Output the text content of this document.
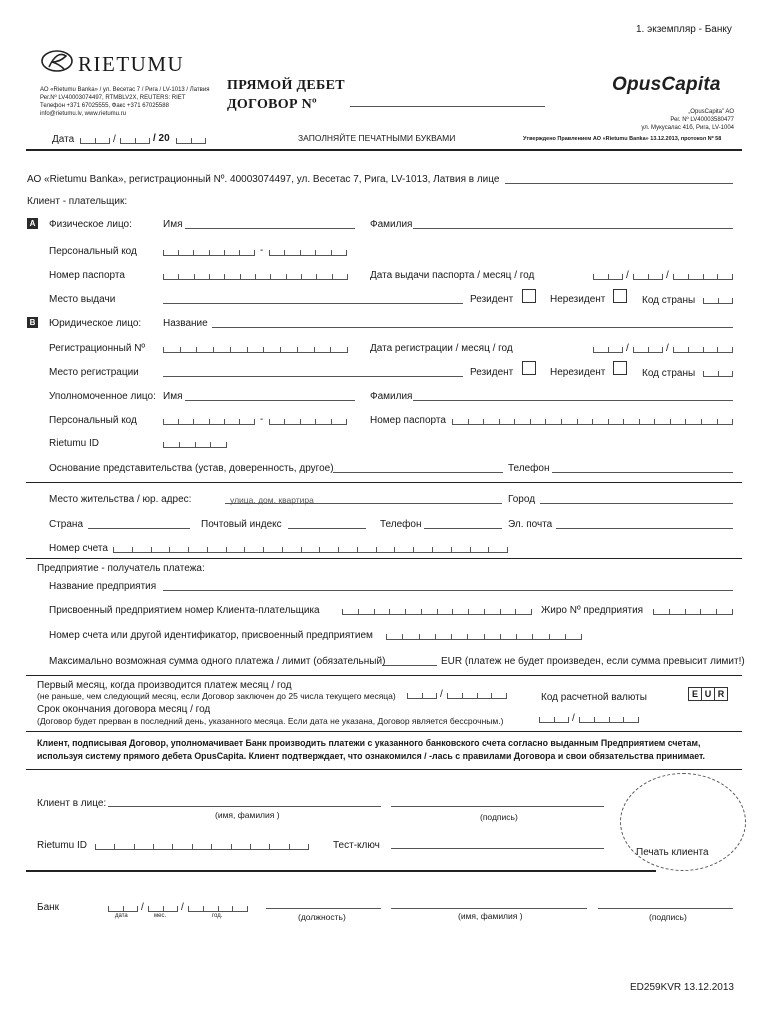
1. экземпляр - Банку
RIETUMU
АО «Rietumu Banka» / ул. Весетас 7 / Рига / LV-1013 / Латвия
Рег.Nº LV40003074497, RTMBLV2X, REUTERS: RIET
Телефон +371 67025555, Факс +371 67025588
info@rietumu.lv, www.rietumu.ru
ПРЯМОЙ ДЕБЕТ
ДОГОВОР Nº
OpusCapita
„OpusCapita” AO
Рег. Nº LV40003580477
ул. Мукусалас 41б, Рига, LV-1004
Дата	/	/ 20	ЗАПОЛНЯЙТЕ ПЕЧАТНЫМИ БУКВАМИ	Утверждено Правлением АО «Rietumu Banka» 13.12.2013, протокол Nº 58
АО «Rietumu Banka», регистрационный Nº. 40003074497, ул. Весетас 7, Рига, LV-1013, Латвия в лице
Клиент - плательщик:
A Физическое лицо:	Имя	Фамилия
Персональный код	-
Номер паспорта	Дата выдачи паспорта / месяц / год	/	/
Место выдачи	Резидент	Нерезидент	Код страны
B Юридическое лицо: Название
Регистрационный Nº	Дата регистрации / месяц / год	/	/
Место регистрации	Резидент	Нерезидент	Код страны
Уполномоченное лицо: Имя	Фамилия
Персональный код	-	Номер паспорта
Rietumu ID
Основание представительства (устав, доверенность, другое)	Телефон
Место жительства / юр. адрес:	улица, дом, квартира	Город
Страна	Почтовый индекс	Телефон	Эл. почта
Номер счета
Предприятие - получатель платежа:
Название предприятия
Присвоенный предприятием номер Клиента-плательщика	Жиро Nº предприятия
Номер счета или другой идентификатор, присвоенный предприятием
Максимально возможная сумма одного платежа / лимит (обязательный)	EUR (платеж не будет произведен, если сумма превысит лимит!)
Первый месяц, когда производится платеж месяц / год
(не раньше, чем следующий месяц, если Договор заключен до 25 числа текущего месяца)	/	Код расчетной валюты	E U R
Срок окончания договора месяц / год
(Договор будет прерван в последний день, указанного месяца. Если дата не указана, Договор является бессрочным.)	/
Клиент, подписывая Договор, уполномачивает Банк производить платежи с указанного банковского счета согласно выданным Предприятием счетам,
используя систему прямого дебета OpusCapita. Клиент подтверждает, что ознакомился / -лась с правилами Договора и свои обязательства принимает.
Клиент в лице:
(имя, фамилия )	(подпись)
Rietumu ID	Тест-ключ
Печать клиента
Банк	/	/
дата	мес.	год.	(должность)	(имя, фамилия )	(подпись)
ED259KVR 13.12.2013
